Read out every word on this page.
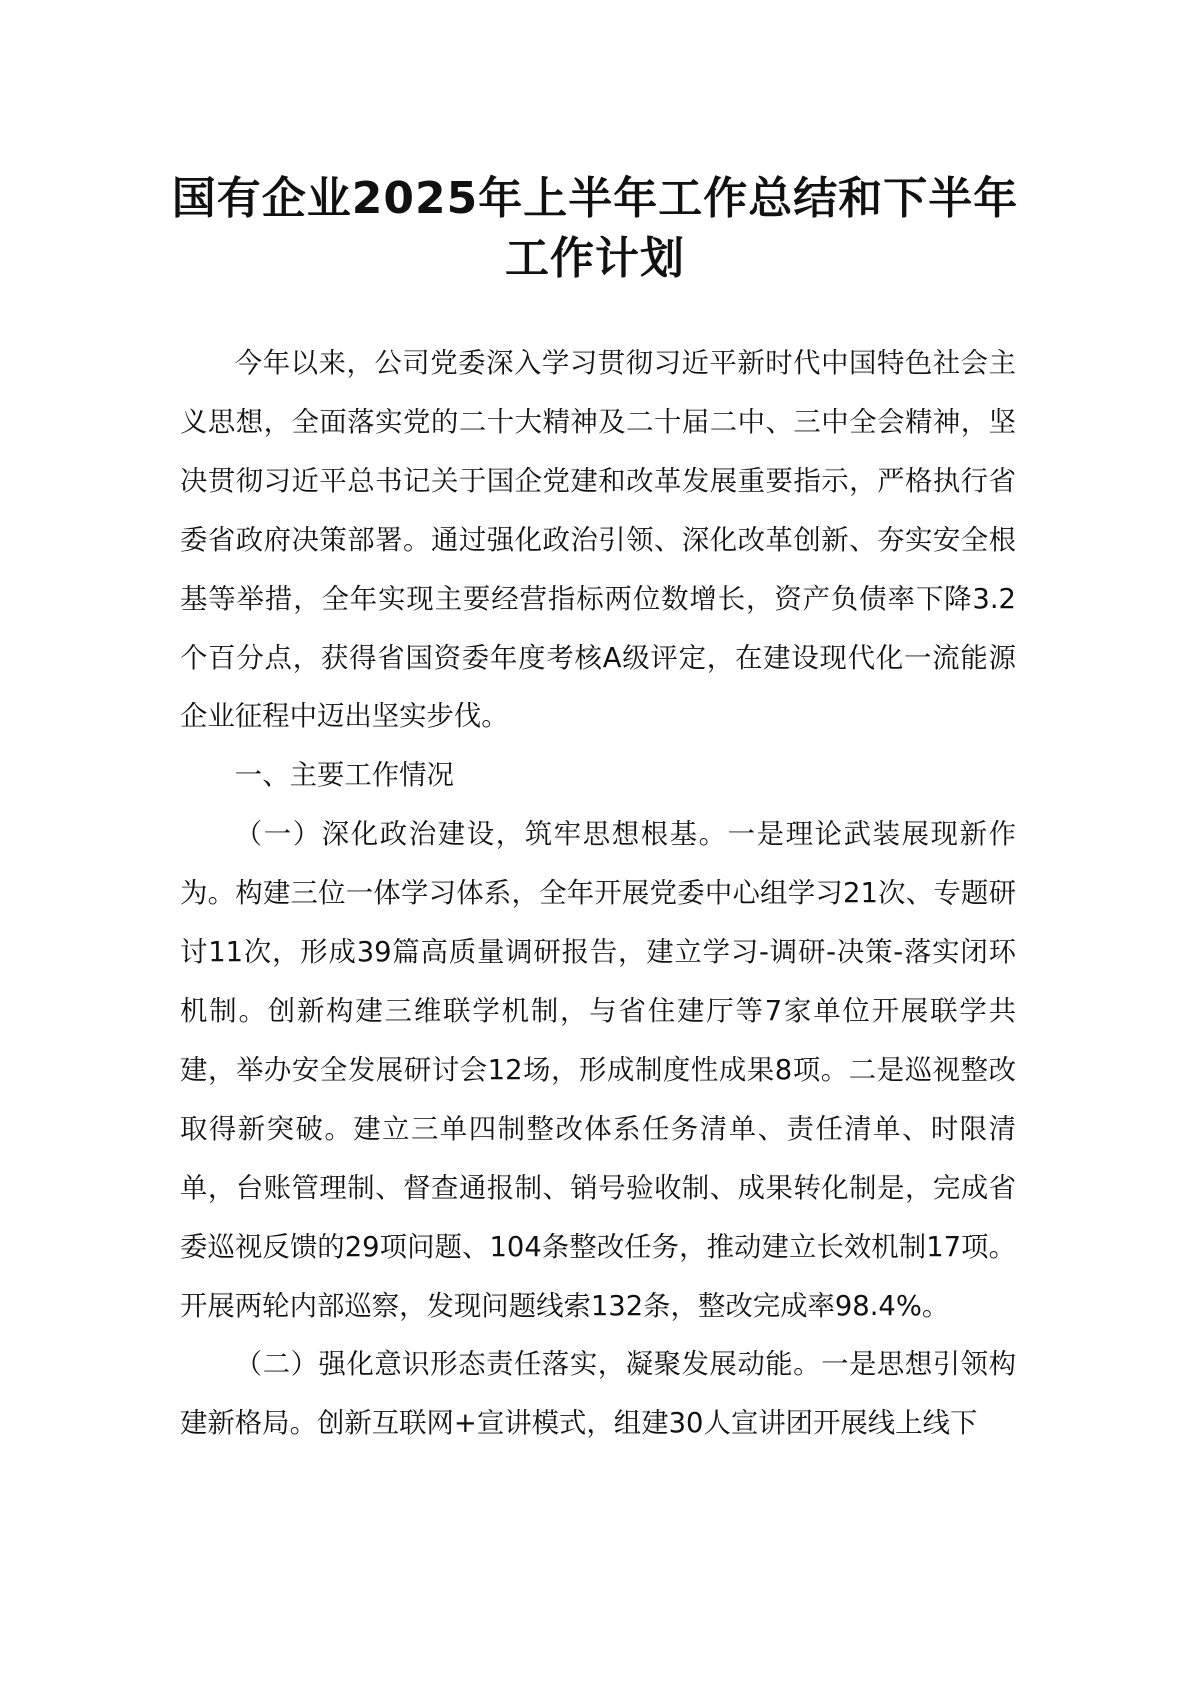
国有企业2025年上半年工作总结和下半年
工作计划

今年以来，公司党委深入学习贯彻习近平新时代中国特色社会主义思想，全面落实党的二十大精神及二十届二中、三中全会精神，坚决贯彻习近平总书记关于国企党建和改革发展重要指示，严格执行省委省政府决策部署。通过强化政治引领、深化改革创新、夯实安全根基等举措，全年实现主要经营指标两位数增长，资产负债率下降3.2个百分点，获得省国资委年度考核A级评定，在建设现代化一流能源企业征程中迈出坚实步伐。

一、主要工作情况

（一）深化政治建设，筑牢思想根基。一是理论武装展现新作为。构建三位一体学习体系，全年开展党委中心组学习21次、专题研讨11次，形成39篇高质量调研报告，建立学习-调研-决策-落实闭环机制。创新构建三维联学机制，与省住建厅等7家单位开展联学共建，举办安全发展研讨会12场，形成制度性成果8项。二是巡视整改取得新突破。建立三单四制整改体系任务清单、责任清单、时限清单，台账管理制、督查通报制、销号验收制、成果转化制是，完成省委巡视反馈的29项问题、104条整改任务，推动建立长效机制17项。开展两轮内部巡察，发现问题线索132条，整改完成率98.4%。

（二）强化意识形态责任落实，凝聚发展动能。一是思想引领构建新格局。创新互联网+宣讲模式，组建30人宣讲团开展线上线下
